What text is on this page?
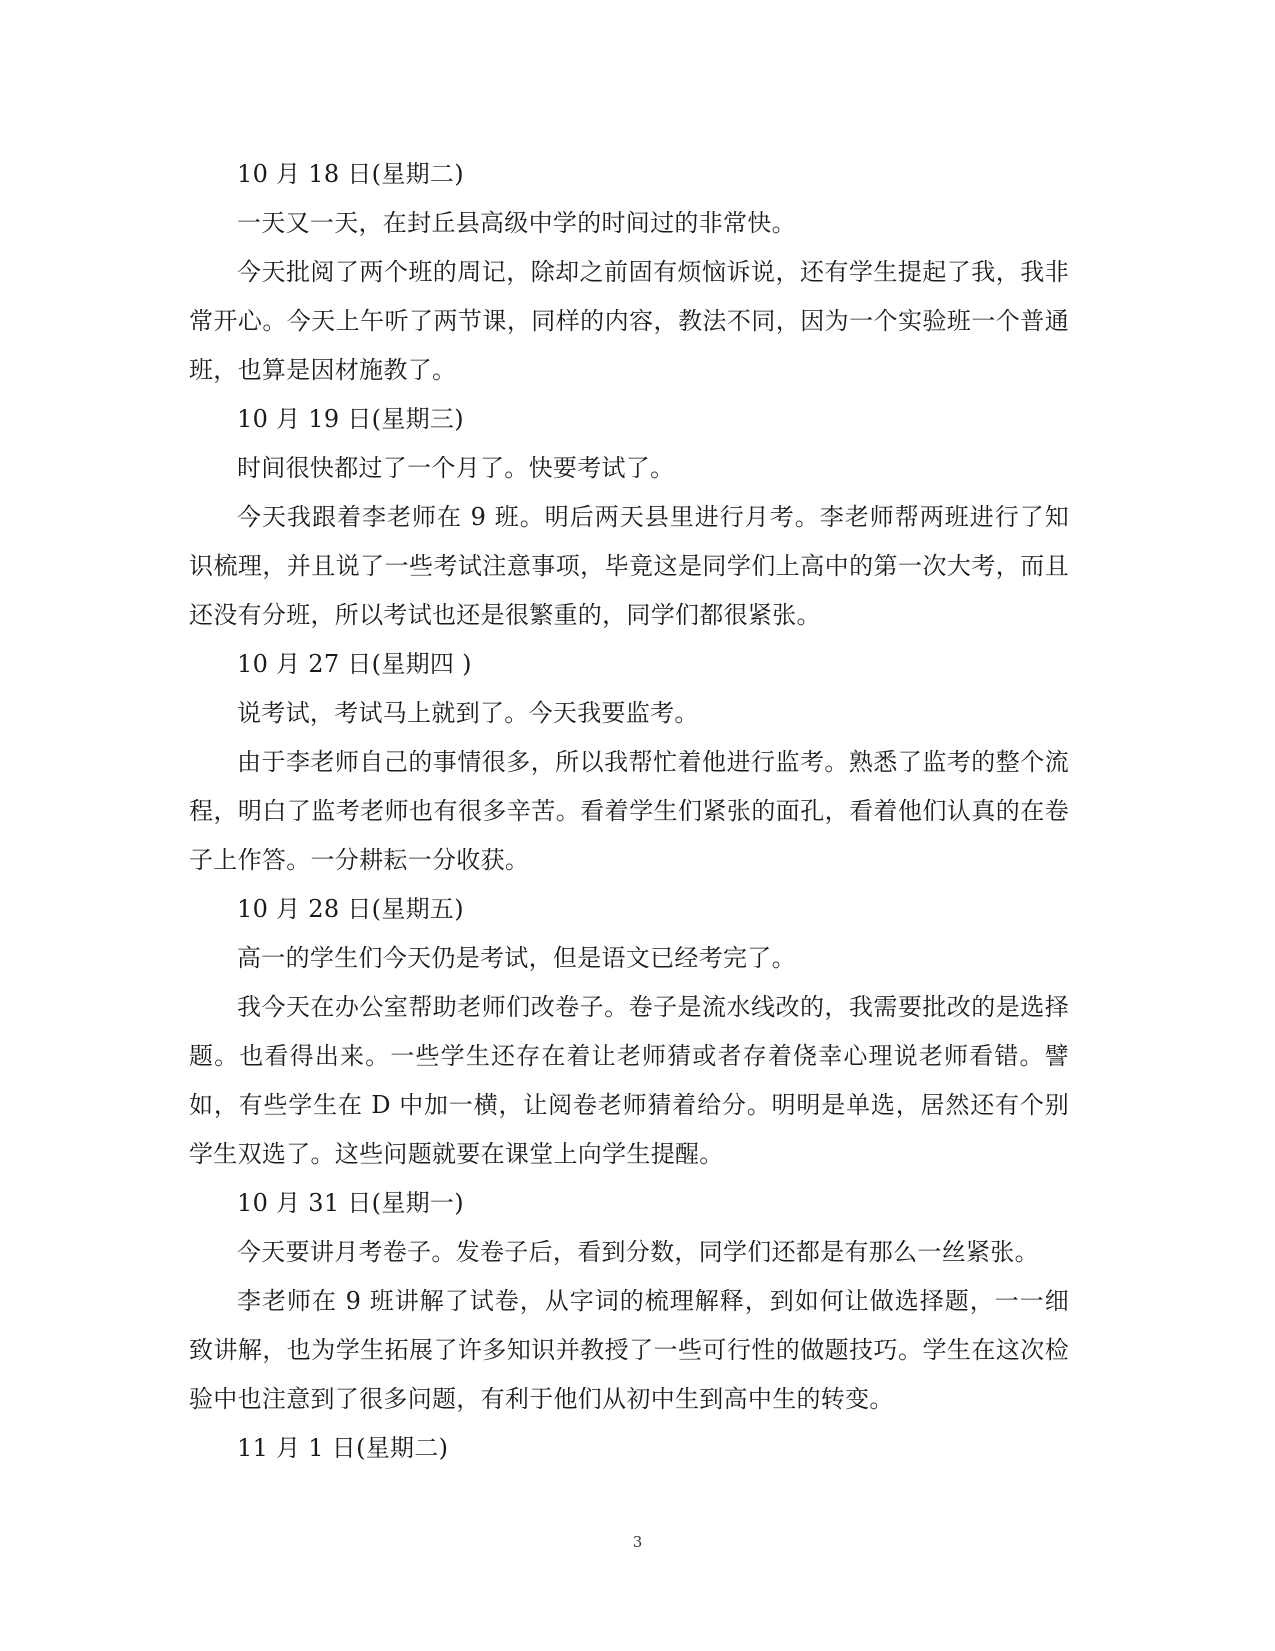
10 月 18 日(星期二)

一天又一天，在封丘县高级中学的时间过的非常快。

今天批阅了两个班的周记，除却之前固有烦恼诉说，还有学生提起了我，我非常开心。今天上午听了两节课，同样的内容，教法不同，因为一个实验班一个普通班，也算是因材施教了。

10 月 19 日(星期三)

时间很快都过了一个月了。快要考试了。

今天我跟着李老师在 9 班。明后两天县里进行月考。李老师帮两班进行了知识梳理，并且说了一些考试注意事项，毕竟这是同学们上高中的第一次大考，而且还没有分班，所以考试也还是很繁重的，同学们都很紧张。

10 月 27 日(星期四 )

说考试，考试马上就到了。今天我要监考。

由于李老师自己的事情很多，所以我帮忙着他进行监考。熟悉了监考的整个流程，明白了监考老师也有很多辛苦。看着学生们紧张的面孔，看着他们认真的在卷子上作答。一分耕耘一分收获。

10 月 28 日(星期五)

高一的学生们今天仍是考试，但是语文已经考完了。

我今天在办公室帮助老师们改卷子。卷子是流水线改的，我需要批改的是选择题。也看得出来。一些学生还存在着让老师猜或者存着侥幸心理说老师看错。譬如，有些学生在 D 中加一横，让阅卷老师猜着给分。明明是单选，居然还有个别学生双选了。这些问题就要在课堂上向学生提醒。

10 月 31 日(星期一)

今天要讲月考卷子。发卷子后，看到分数，同学们还都是有那么一丝紧张。

李老师在 9 班讲解了试卷，从字词的梳理解释，到如何让做选择题，一一细致讲解，也为学生拓展了许多知识并教授了一些可行性的做题技巧。学生在这次检验中也注意到了很多问题，有利于他们从初中生到高中生的转变。

11 月 1 日(星期二)

3
